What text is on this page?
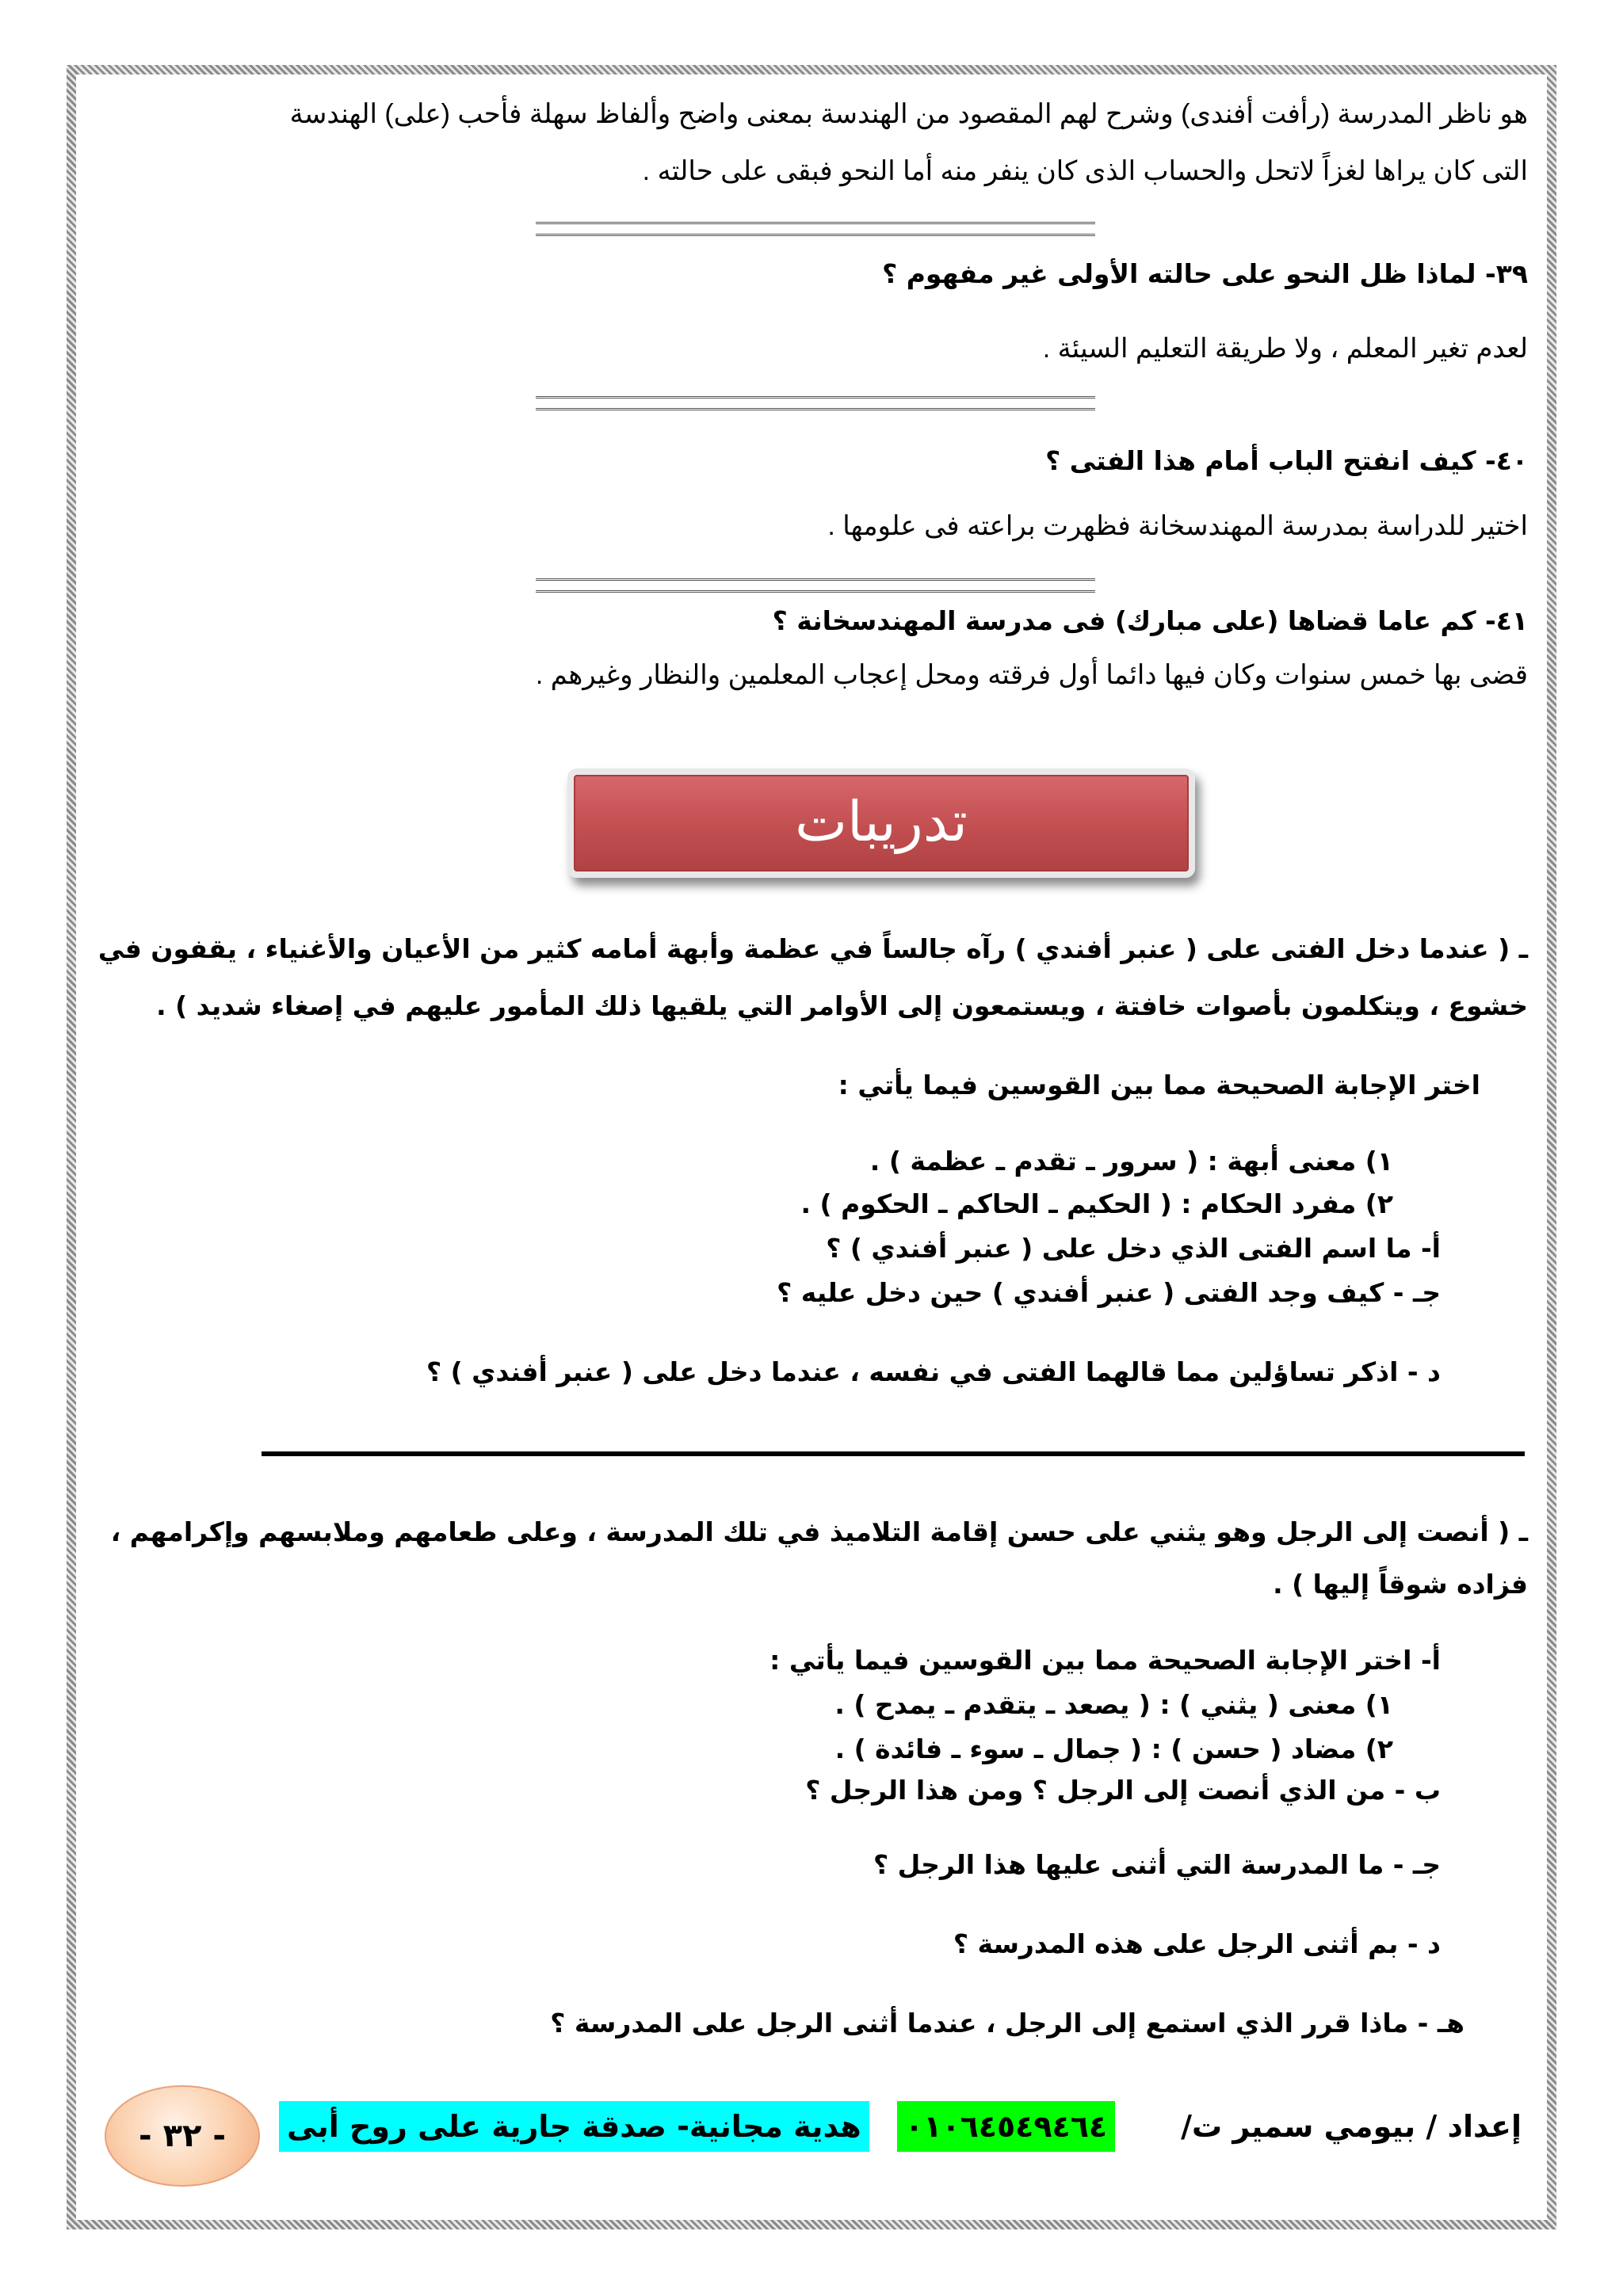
هو ناظر المدرسة (رأفت أفندى) وشرح لهم المقصود من الهندسة بمعنى واضح وألفاظ سهلة فأحب (على) الهندسة
التى كان يراها لغزاً لاتحل والحساب الذى كان ينفر منه أما النحو فبقى على حالته .
٣٩- لماذا ظل النحو على حالته الأولى غير مفهوم ؟
لعدم تغير المعلم ، ولا طريقة التعليم السيئة .
٤٠- كيف انفتح الباب أمام هذا الفتى ؟
اختير للدراسة بمدرسة المهندسخانة فظهرت براعته فى علومها .
٤١- كم عاما قضاها (على مبارك) فى مدرسة المهندسخانة ؟
قضى بها خمس سنوات وكان فيها دائما أول فرقته ومحل إعجاب المعلمين والنظار وغيرهم .
تدريبات
ـ ( عندما دخل الفتى على ( عنبر أفندي ) رآه جالساً في عظمة وأبهة أمامه كثير من الأعيان والأغنياء ، يقفون في
خشوع ، ويتكلمون بأصوات خافتة ، ويستمعون إلى الأوامر التي يلقيها ذلك المأمور عليهم في إصغاء شديد ) .
اختر الإجابة الصحيحة مما بين القوسين فيما يأتي :
١) معنى أبهة : ( سرور ـ تقدم ـ عظمة ) .
٢) مفرد الحكام : ( الحكيم ـ الحاكم ـ الحكوم ) .
أ- ما اسم الفتى الذي دخل على ( عنبر أفندي ) ؟
جـ - كيف وجد الفتى ( عنبر أفندي ) حين دخل عليه ؟
د - اذكر تساؤلين مما قالهما الفتى في نفسه ، عندما دخل على ( عنبر أفندي ) ؟
ـ ( أنصت إلى الرجل وهو يثني على حسن إقامة التلاميذ في تلك المدرسة ، وعلى طعامهم وملابسهم وإكرامهم ،
فزاده شوقاً إليها ) .
أ- اختر الإجابة الصحيحة مما بين القوسين فيما يأتي :
١) معنى ( يثني ) : ( يصعد ـ يتقدم ـ يمدح ) .
٢) مضاد ( حسن ) : ( جمال ـ سوء ـ فائدة ) .
ب - من الذي أنصت إلى الرجل ؟ ومن هذا الرجل ؟
جـ - ما المدرسة التي أثنى عليها هذا الرجل ؟
د - بم أثنى الرجل على هذه المدرسة ؟
هـ - ماذا قرر الذي استمع إلى الرجل ، عندما أثنى الرجل على المدرسة ؟
إعداد / بيومي سمير ت/
٠١٠٦٤٥٤٩٤٦٤
هدية مجانية- صدقة جارية على روح أبى
- ٣٢ -
